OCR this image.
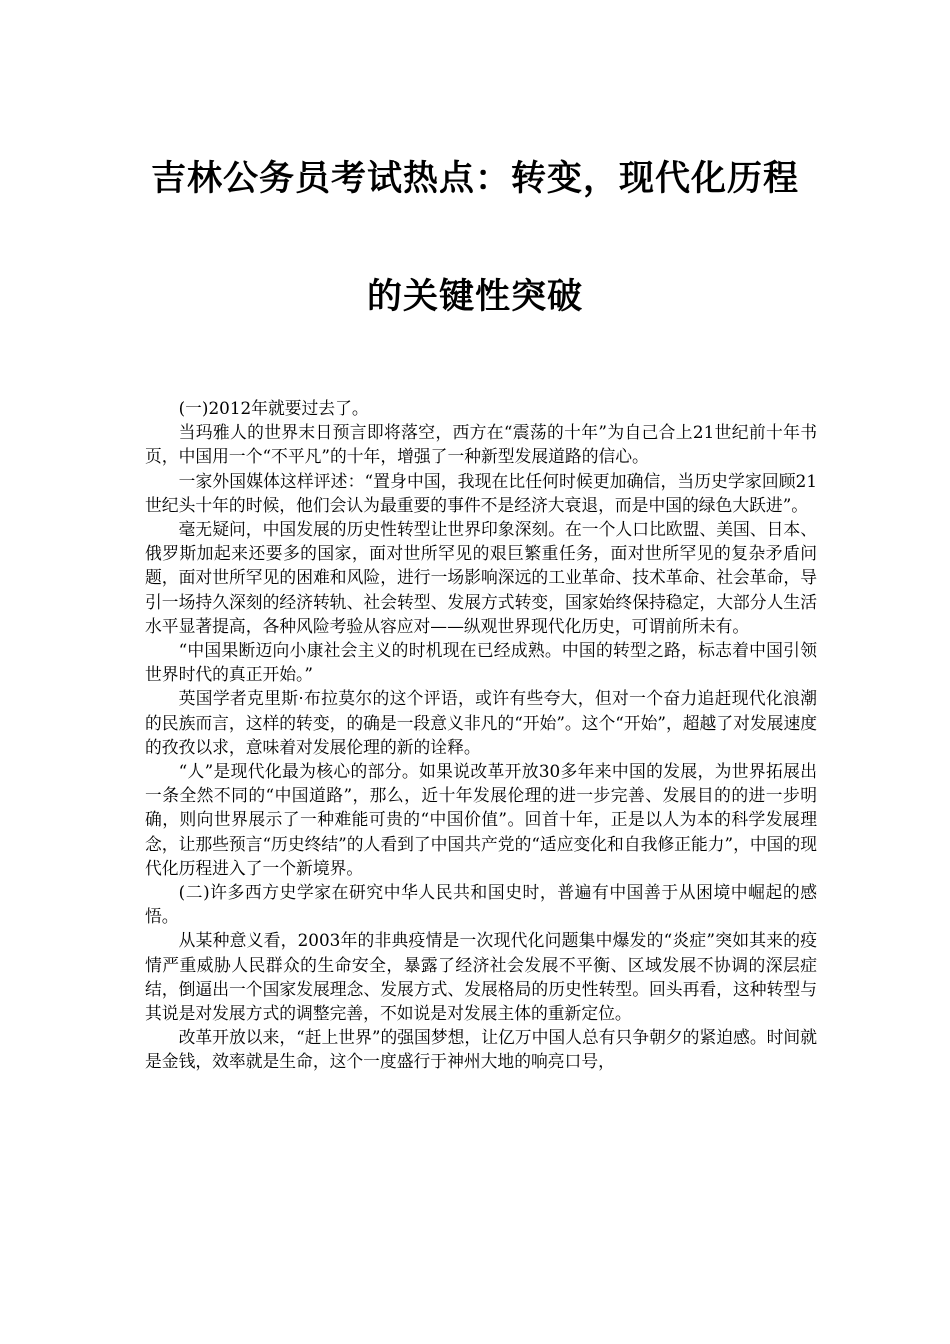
吉林公务员考试热点：转变，现代化历程
的关键性突破

(一)2012年就要过去了。

当玛雅人的世界末日预言即将落空，西方在“震荡的十年”为自己合上21世纪前十年书页，中国用一个“不平凡”的十年，增强了一种新型发展道路的信心。

一家外国媒体这样评述：“置身中国，我现在比任何时候更加确信，当历史学家回顾21世纪头十年的时候，他们会认为最重要的事件不是经济大衰退，而是中国的绿色大跃进”。

毫无疑问，中国发展的历史性转型让世界印象深刻。在一个人口比欧盟、美国、日本、俄罗斯加起来还要多的国家，面对世所罕见的艰巨繁重任务，面对世所罕见的复杂矛盾问题，面对世所罕见的困难和风险，进行一场影响深远的工业革命、技术革命、社会革命，导引一场持久深刻的经济转轨、社会转型、发展方式转变，国家始终保持稳定，大部分人生活水平显著提高，各种风险考验从容应对——纵观世界现代化历史，可谓前所未有。

“中国果断迈向小康社会主义的时机现在已经成熟。中国的转型之路，标志着中国引领世界时代的真正开始。”

英国学者克里斯·布拉莫尔的这个评语，或许有些夸大，但对一个奋力追赶现代化浪潮的民族而言，这样的转变，的确是一段意义非凡的“开始”。这个“开始”，超越了对发展速度的孜孜以求，意味着对发展伦理的新的诠释。

“人”是现代化最为核心的部分。如果说改革开放30多年来中国的发展，为世界拓展出一条全然不同的“中国道路”，那么，近十年发展伦理的进一步完善、发展目的的进一步明确，则向世界展示了一种难能可贵的“中国价值”。回首十年，正是以人为本的科学发展理念，让那些预言“历史终结”的人看到了中国共产党的“适应变化和自我修正能力”，中国的现代化历程进入了一个新境界。

(二)许多西方史学家在研究中华人民共和国史时，普遍有中国善于从困境中崛起的感悟。

从某种意义看，2003年的非典疫情是一次现代化问题集中爆发的“炎症”突如其来的疫情严重威胁人民群众的生命安全，暴露了经济社会发展不平衡、区域发展不协调的深层症结，倒逼出一个国家发展理念、发展方式、发展格局的历史性转型。回头再看，这种转型与其说是对发展方式的调整完善，不如说是对发展主体的重新定位。

改革开放以来，“赶上世界”的强国梦想，让亿万中国人总有只争朝夕的紧迫感。时间就是金钱，效率就是生命，这个一度盛行于神州大地的响亮口号，
